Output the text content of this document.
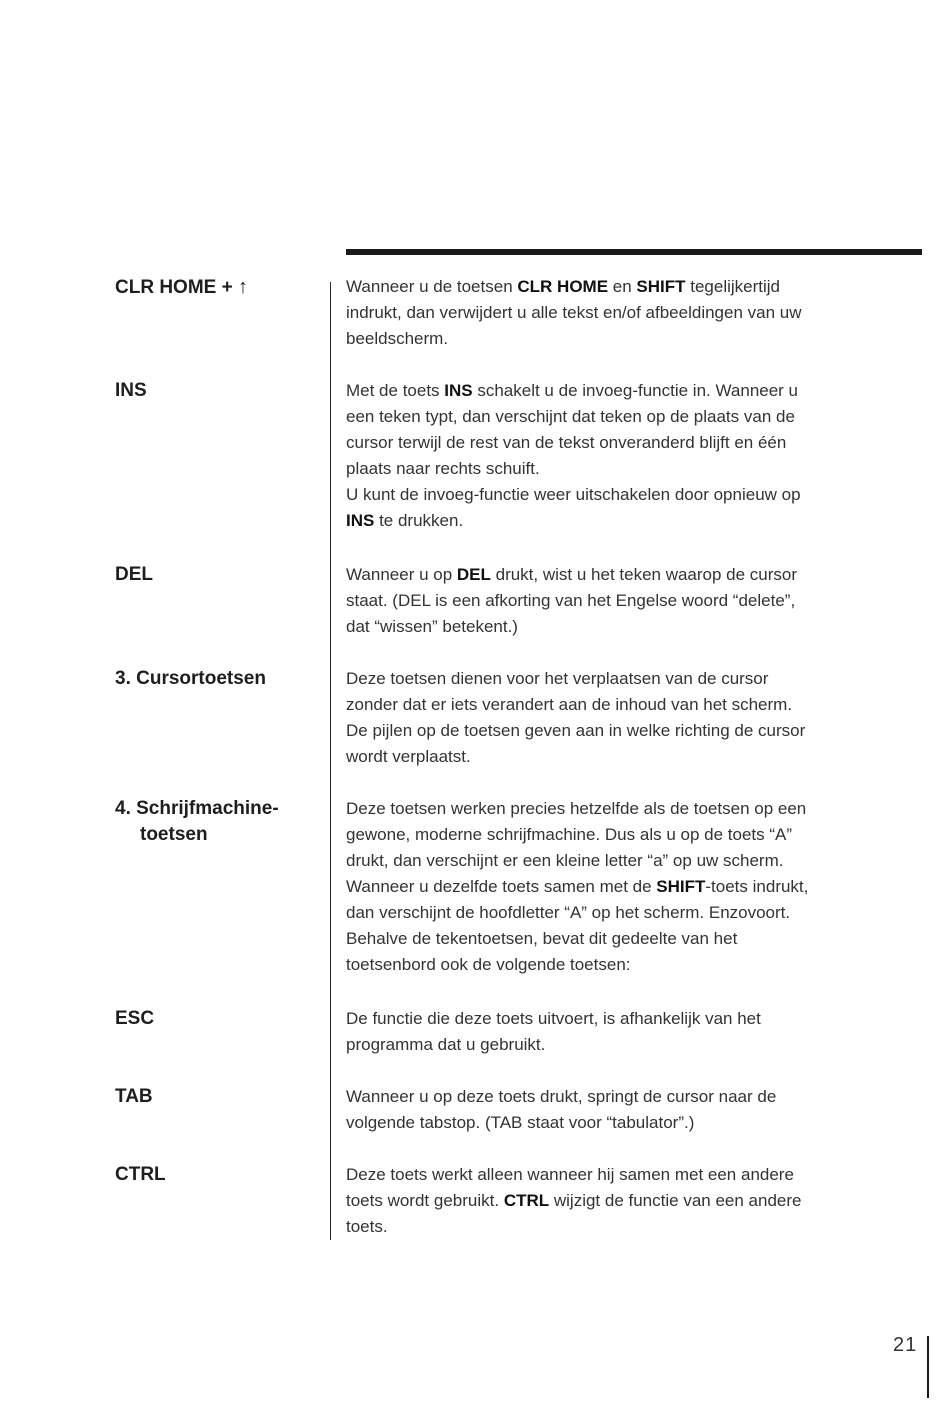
CLR HOME + ↑
INS
DEL
3. Cursortoetsen
4. Schrijfmachine-
toetsen
ESC
TAB
CTRL
Wanneer u de toetsen CLR HOME en SHIFT tegelijkertijd
indrukt, dan verwijdert u alle tekst en/of afbeeldingen van uw
beeldscherm.
Met de toets INS schakelt u de invoeg-functie in. Wanneer u
een teken typt, dan verschijnt dat teken op de plaats van de
cursor terwijl de rest van de tekst onveranderd blijft en één
plaats naar rechts schuift.
U kunt de invoeg-functie weer uitschakelen door opnieuw op
INS te drukken.
Wanneer u op DEL drukt, wist u het teken waarop de cursor
staat. (DEL is een afkorting van het Engelse woord “delete”,
dat “wissen” betekent.)
Deze toetsen dienen voor het verplaatsen van de cursor
zonder dat er iets verandert aan de inhoud van het scherm.
De pijlen op de toetsen geven aan in welke richting de cursor
wordt verplaatst.
Deze toetsen werken precies hetzelfde als de toetsen op een
gewone, moderne schrijfmachine. Dus als u op de toets “A”
drukt, dan verschijnt er een kleine letter “a” op uw scherm.
Wanneer u dezelfde toets samen met de SHIFT-toets indrukt,
dan verschijnt de hoofdletter “A” op het scherm. Enzovoort.
Behalve de tekentoetsen, bevat dit gedeelte van het
toetsenbord ook de volgende toetsen:
De functie die deze toets uitvoert, is afhankelijk van het
programma dat u gebruikt.
Wanneer u op deze toets drukt, springt de cursor naar de
volgende tabstop. (TAB staat voor “tabulator”.)
Deze toets werkt alleen wanneer hij samen met een andere
toets wordt gebruikt. CTRL wijzigt de functie van een andere
toets.
21
